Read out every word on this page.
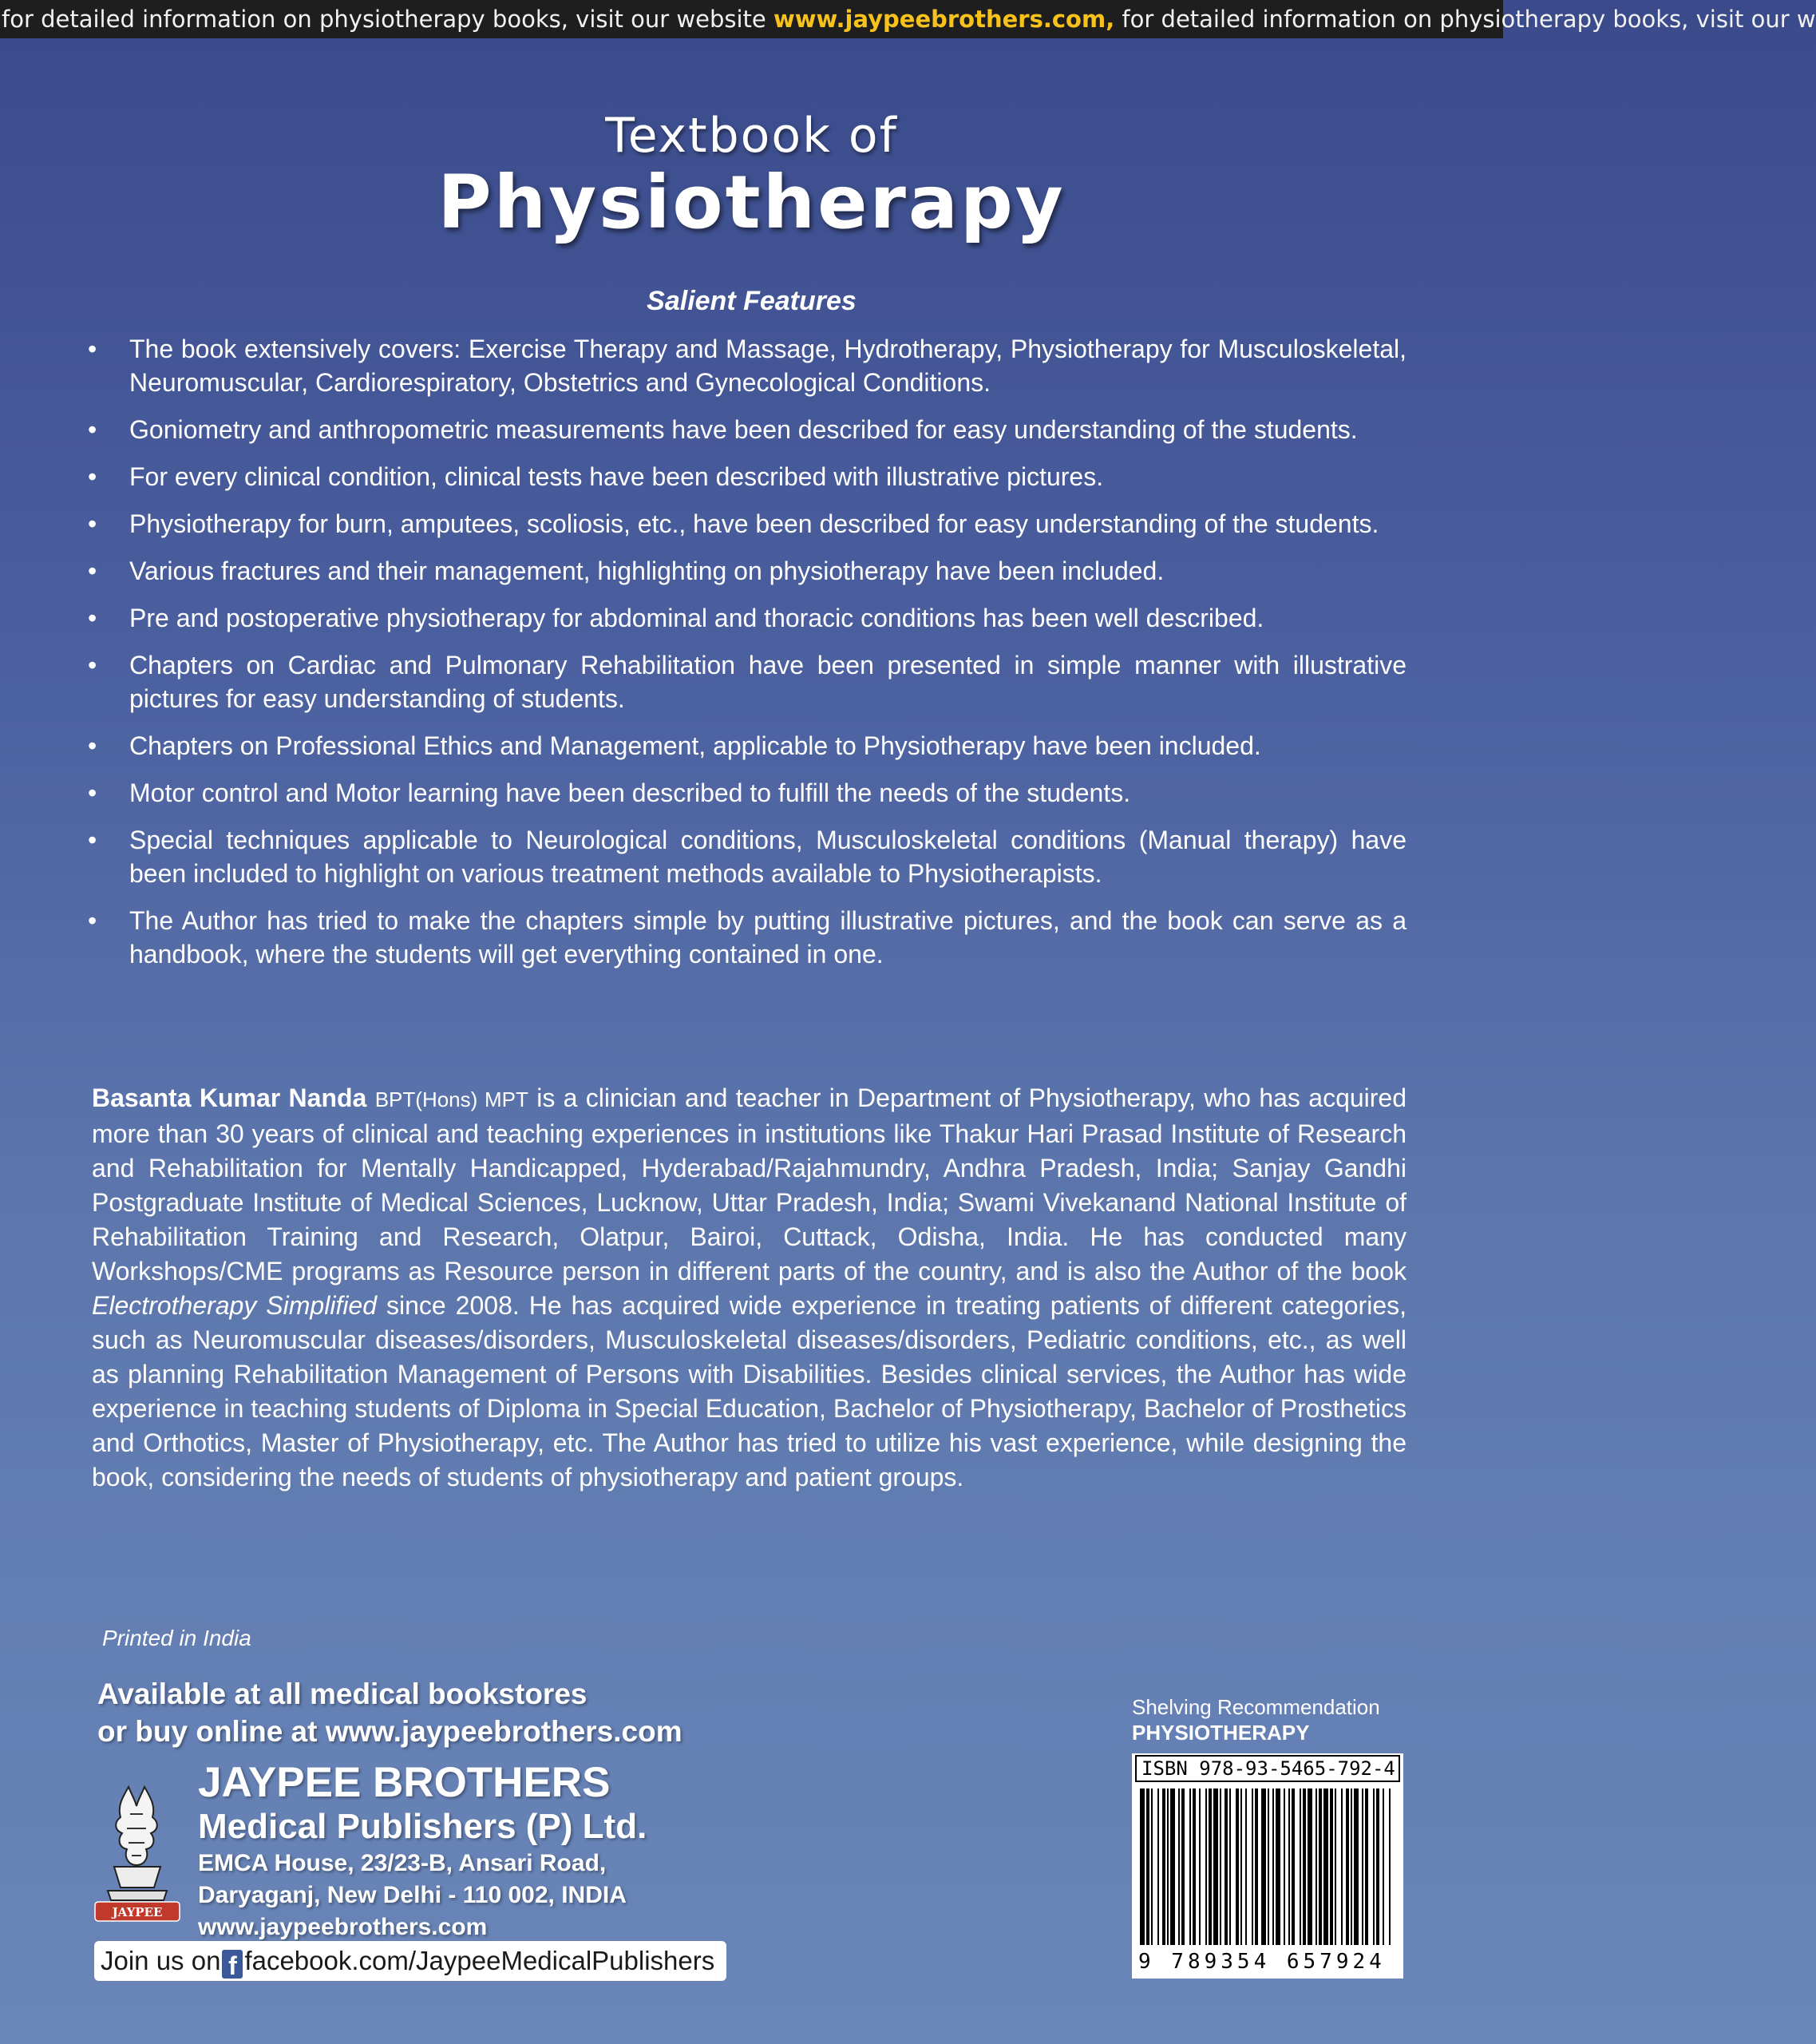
for detailed information on physiotherapy books, visit our website www.jaypeebrothers.com, for detailed information on physiotherapy books, visit our w
Textbook of
Physiotherapy
Salient Features
• The book extensively covers: Exercise Therapy and Massage, Hydrotherapy, Physiotherapy for Musculoskeletal, Neuromuscular, Cardiorespiratory, Obstetrics and Gynecological Conditions.
• Goniometry and anthropometric measurements have been described for easy understanding of the students.
• For every clinical condition, clinical tests have been described with illustrative pictures.
• Physiotherapy for burn, amputees, scoliosis, etc., have been described for easy understanding of the students.
• Various fractures and their management, highlighting on physiotherapy have been included.
• Pre and postoperative physiotherapy for abdominal and thoracic conditions has been well described.
• Chapters on Cardiac and Pulmonary Rehabilitation have been presented in simple manner with illustrative pictures for easy understanding of students.
• Chapters on Professional Ethics and Management, applicable to Physiotherapy have been included.
• Motor control and Motor learning have been described to fulfill the needs of the students.
• Special techniques applicable to Neurological conditions, Musculoskeletal conditions (Manual therapy) have been included to highlight on various treatment methods available to Physiotherapists.
• The Author has tried to make the chapters simple by putting illustrative pictures, and the book can serve as a handbook, where the students will get everything contained in one.
Basanta Kumar Nanda BPT(Hons) MPT is a clinician and teacher in Department of Physiotherapy, who has acquired more than 30 years of clinical and teaching experiences in institutions like Thakur Hari Prasad Institute of Research and Rehabilitation for Mentally Handicapped, Hyderabad/Rajahmundry, Andhra Pradesh, India; Sanjay Gandhi Postgraduate Institute of Medical Sciences, Lucknow, Uttar Pradesh, India; Swami Vivekanand National Institute of Rehabilitation Training and Research, Olatpur, Bairoi, Cuttack, Odisha, India. He has conducted many Workshops/CME programs as Resource person in different parts of the country, and is also the Author of the book Electrotherapy Simplified since 2008. He has acquired wide experience in treating patients of different categories, such as Neuromuscular diseases/disorders, Musculoskeletal diseases/disorders, Pediatric conditions, etc., as well as planning Rehabilitation Management of Persons with Disabilities. Besides clinical services, the Author has wide experience in teaching students of Diploma in Special Education, Bachelor of Physiotherapy, Bachelor of Prosthetics and Orthotics, Master of Physiotherapy, etc. The Author has tried to utilize his vast experience, while designing the book, considering the needs of students of physiotherapy and patient groups.
Printed in India
Available at all medical bookstores
or buy online at www.jaypeebrothers.com
JAYPEE
JAYPEE BROTHERS
Medical Publishers (P) Ltd.
EMCA House, 23/23-B, Ansari Road,
Daryaganj, New Delhi - 110 002, INDIA
www.jaypeebrothers.com
Join us on f facebook.com/JaypeeMedicalPublishers
Shelving Recommendation
PHYSIOTHERAPY
ISBN 978-93-5465-792-4
9 789354 657924
